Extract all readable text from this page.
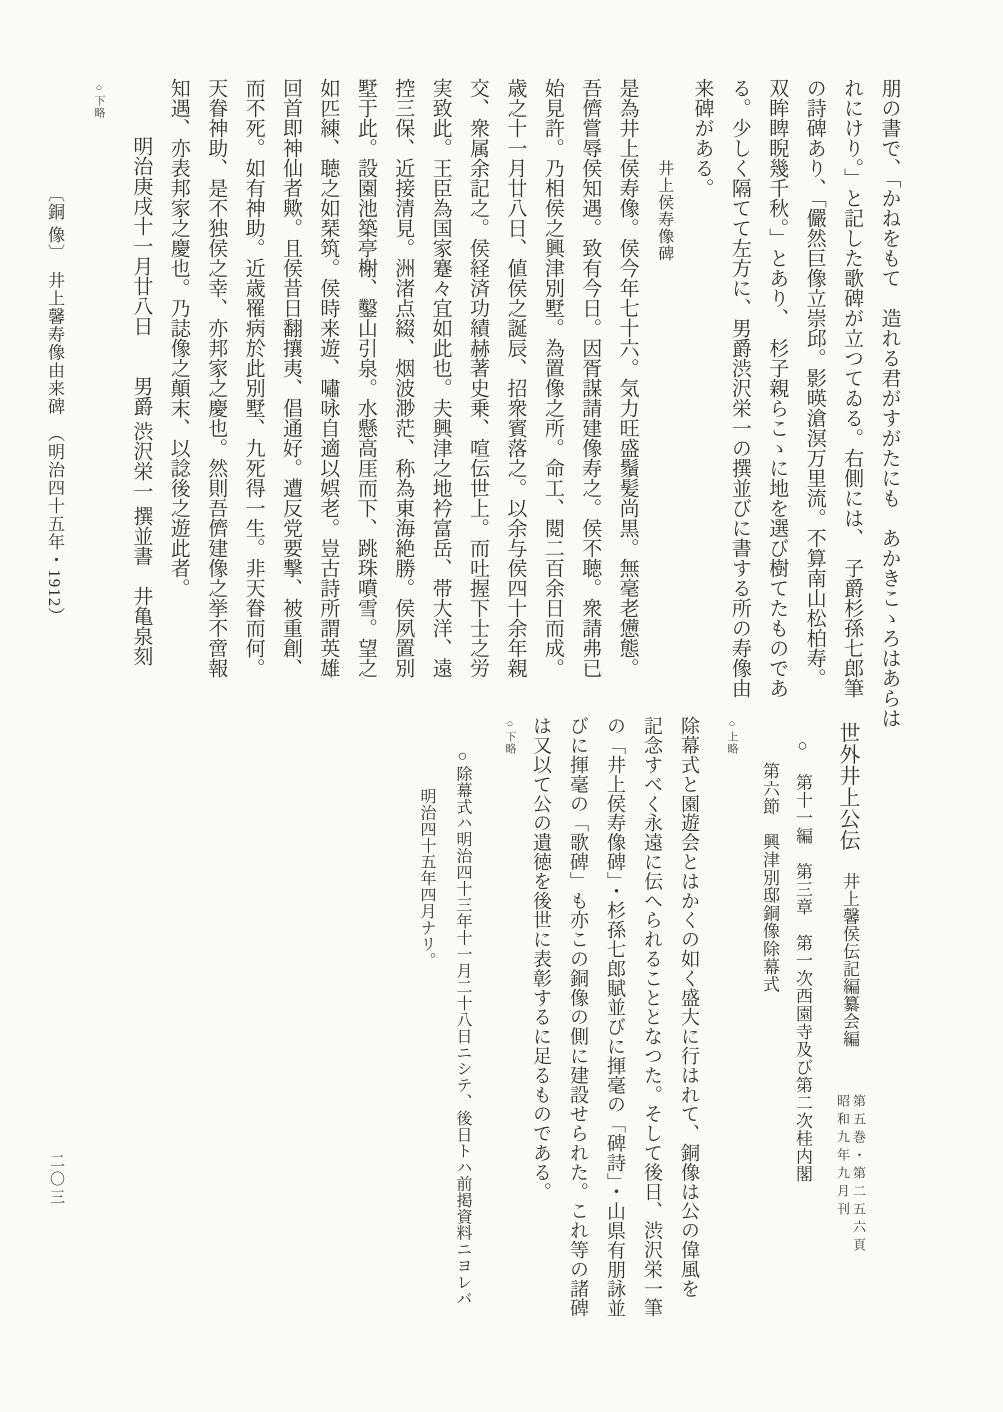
○下略
〔銅 像〕　井上馨寿像由来碑　（明治四十五年・1912）
二〇三

朋の書で、「かねをもて　造れる君がすがたにも　あかきこゝろはあらは

れにけり。」と記した歌碑が立つてゐる。右側には、　子爵杉孫七郎筆

の詩碑あり、「儼然巨像立崇邱。影暎滄溟万里流。不算南山松柏寿。

双眸睥睨幾千秋。」とあり、　杉子親らこゝに地を選び樹てたものであ

る。少しく隔てて左方に、男爵渋沢栄一の撰並びに書する所の寿像由

来碑がある。

井上侯寿像碑

是為井上侯寿像。侯今年七十六。気力旺盛鬚髪尚黒。無毫老憊態。

吾儕嘗辱侯知遇。致有今日。因胥謀請建像寿之。侯不聴。衆請弗已

始見許。乃相侯之興津別墅。為置像之所。命工、閲二百余日而成。

歳之十一月廿八日、値侯之誕辰、招衆賓落之。以余与侯四十余年親

交、衆属余記之。侯経済功績赫著史乗、喧伝世上。而吐握下士之労

実致此。王臣為国家蹇々宜如此也。夫興津之地衿富岳、帯大洋、遠

控三保、近接清見。洲渚点綴、烟波渺茫、称為東海絶勝。侯夙置別

墅于此。設園池築亭榭、鑿山引泉。水懸高厓而下、跳珠噴雪。望之

如匹練、聴之如琹筑。侯時来遊、嘯咏自適以娯老。豈古詩所謂英雄

回首即神仙者歟。且侯昔日翻攘夷、倡通好。遭反党要撃、被重創、

而不死。如有神助。近歳罹病於此別墅、九死得一生。非天眷而何。

天眷神助、是不独侯之幸、亦邦家之慶也。然則吾儕建像之挙不啻報

知遇、亦表邦家之慶也。乃誌像之顛末、以諗後之遊此者。

明治庚戌十一月廿八日　　男爵 渋沢栄一 撰並書　井亀泉刻

世外井上公伝　井上馨侯伝記編纂会編

第五巻・第二五六頁

昭和九年九月刊

○　第十一編　第三章　第一次西園寺及び第二次桂内閣
第六節　興津別邸銅像除幕式
○上略

除幕式と園遊会とはかくの如く盛大に行はれて、銅像は公の偉風を

記念すべく永遠に伝へられることとなつた。そして後日、渋沢栄一筆

の「井上侯寿像碑」・杉孫七郎賦並びに揮毫の「碑詩」・山県有朋詠並

びに揮毫の「歌碑」も亦この銅像の側に建設せられた。これ等の諸碑

は又以て公の遺徳を後世に表彰するに足るものである。

○下略

○除幕式ハ明治四十三年十一月二十八日ニシテ、後日トハ前掲資料ニヨレバ

明治四十五年四月ナリ。
